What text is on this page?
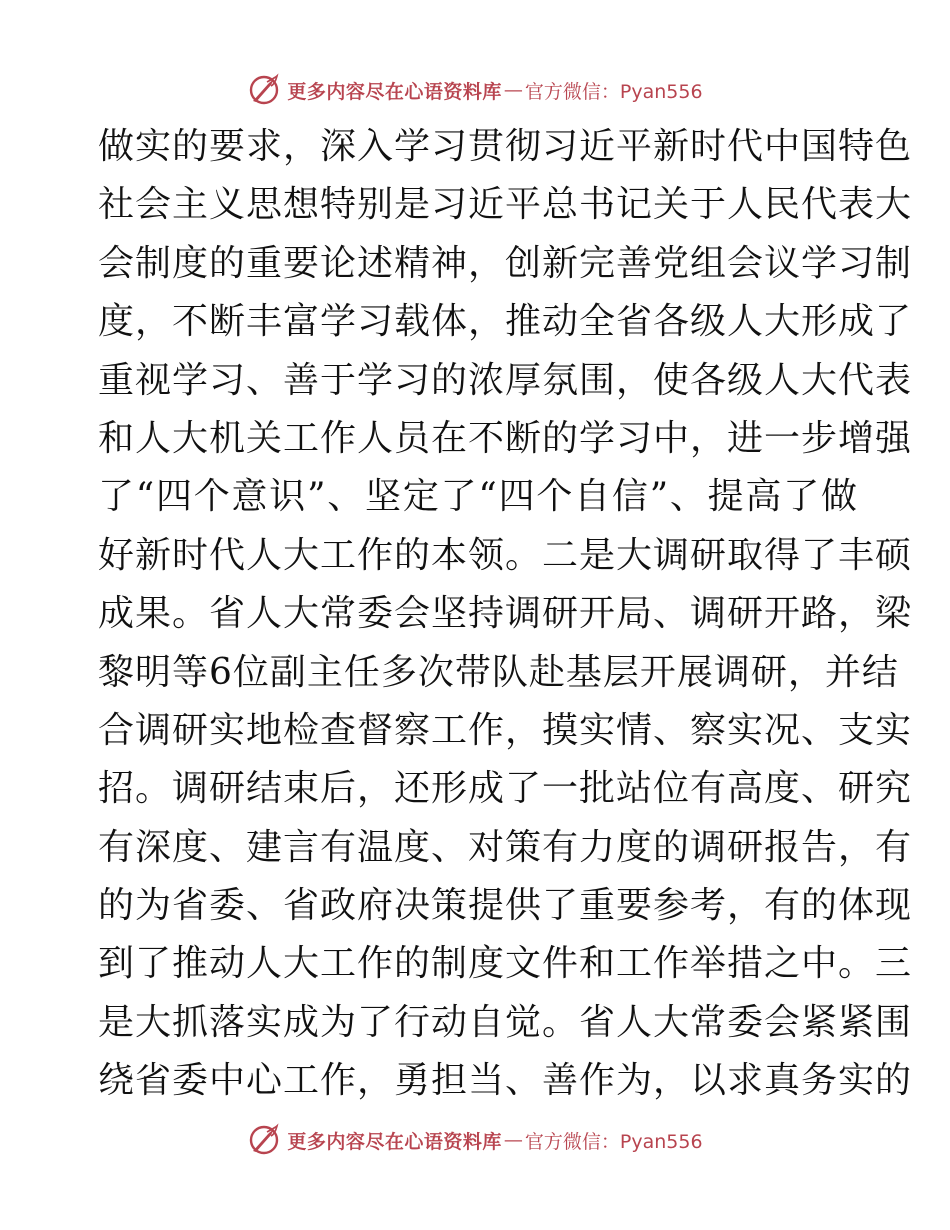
更多内容尽在心语资料库 — 官方微信：Pyan556
做实的要求，深入学习贯彻习近平新时代中国特色
社会主义思想特别是习近平总书记关于人民代表大
会制度的重要论述精神，创新完善党组会议学习制
度，不断丰富学习载体，推动全省各级人大形成了
重视学习、善于学习的浓厚氛围，使各级人大代表
和人大机关工作人员在不断的学习中，进一步增强
了“四个意识”、坚定了“四个自信”、提高了做
好新时代人大工作的本领。二是大调研取得了丰硕
成果。省人大常委会坚持调研开局、调研开路，梁
黎明等6位副主任多次带队赴基层开展调研，并结
合调研实地检查督察工作，摸实情、察实况、支实
招。调研结束后，还形成了一批站位有高度、研究
有深度、建言有温度、对策有力度的调研报告，有
的为省委、省政府决策提供了重要参考，有的体现
到了推动人大工作的制度文件和工作举措之中。三
是大抓落实成为了行动自觉。省人大常委会紧紧围
绕省委中心工作，勇担当、善作为，以求真务实的
更多内容尽在心语资料库 — 官方微信：Pyan556
